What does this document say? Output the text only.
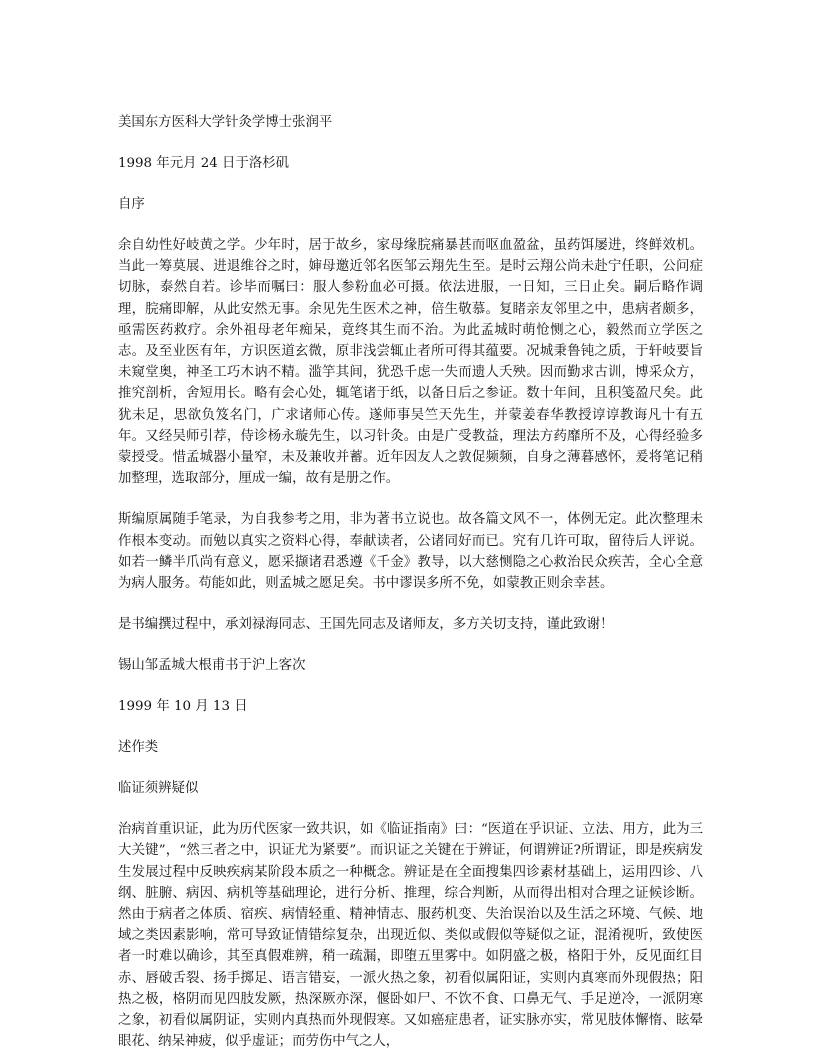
美国东方医科大学针灸学博士张润平

1998 年元月 24 日于洛杉矶

自序

余自幼性好岐黄之学。少年时，居于故乡，家母缘脘痛暴甚而呕血盈盆，虽药饵屡进，终鲜效机。当此一筹莫展、进退维谷之时，婶母邀近邻名医邹云翔先生至。是时云翔公尚未赴宁任职，公问症切脉，泰然自若。诊毕而嘱曰：服人参粉血必可摄。依法进服，一日知，三日止矣。嗣后略作调理，脘痛即解，从此安然无事。余见先生医术之神，倍生敬慕。复睹亲友邻里之中，患病者颇多，亟需医药救疗。余外祖母老年痴呆，竟终其生而不治。为此孟城时萌怆恻之心，毅然而立学医之志。及至业医有年，方识医道玄微，原非浅尝辄止者所可得其蕴要。况城秉鲁钝之质，于轩岐要旨未窥堂奥，神圣工巧木讷不精。滥竽其间，犹恐千虑一失而遗人夭殃。因而勤求古训，博采众方，推究剖析，舍短用长。略有会心处，辄笔诸于纸，以备日后之参证。数十年间，且积笺盈尺矣。此犹未足，思欲负笈名门，广求诸师心传。遂师事吴竺天先生，并蒙姜春华教授谆谆教诲凡十有五年。又经吴师引荐，侍诊杨永璇先生，以习针灸。由是广受教益，理法方药靡所不及，心得经验多蒙授受。惜孟城器小量窄，未及兼收并蓄。近年因友人之敦促频频，自身之薄暮感怀，爰将笔记稍加整理，选取部分，厘成一编，故有是册之作。

斯编原属随手笔录，为自我参考之用，非为著书立说也。故各篇文风不一，体例无定。此次整理未作根本变动。而勉以真实之资料心得，奉献读者，公诸同好而已。究有几许可取，留待后人评说。如若一鳞半爪尚有意义，愿采撷诸君悉遵《千金》教导，以大慈恻隐之心救治民众疾苦，全心全意为病人服务。苟能如此，则孟城之愿足矣。书中谬误多所不免，如蒙教正则余幸甚。

是书编撰过程中，承刘禄海同志、王国先同志及诸师友，多方关切支持，谨此致谢！

锡山邹孟城大根甫书于沪上客次

1999 年 10 月 13 日

述作类

临证须辨疑似

治病首重识证，此为历代医家一致共识，如《临证指南》曰：“医道在乎识证、立法、用方，此为三大关键”，“然三者之中，识证尤为紧要”。而识证之关键在于辨证，何谓辨证?所谓证，即是疾病发生发展过程中反映疾病某阶段本质之一种概念。辨证是在全面搜集四诊素材基础上，运用四诊、八纲、脏腑、病因、病机等基础理论，进行分析、推理，综合判断，从而得出相对合理之证候诊断。然由于病者之体质、宿疾、病情轻重、精神情志、服药机变、失治误治以及生活之环境、气候、地域之类因素影响，常可导致证情错综复杂，出现近似、类似或假似等疑似之证，混淆视听，致使医者一时难以确诊，其至真假难辨，稍一疏漏，即堕五里雾中。如阴盛之极，格阳于外，反见面红目赤、唇破舌裂、扬手掷足、语言错妄，一派火热之象，初看似属阳证，实则内真寒而外现假热；阳热之极，格阴而见四肢发厥，热深厥亦深，偃卧如尸、不饮不食、口鼻无气、手足逆冷，一派阴寒之象，初看似属阴证，实则内真热而外现假寒。又如癌症患者，证实脉亦实，常见肢体懈惰、眩晕眼花、纳呆神疲，似乎虚证；而劳伤中气之人，
